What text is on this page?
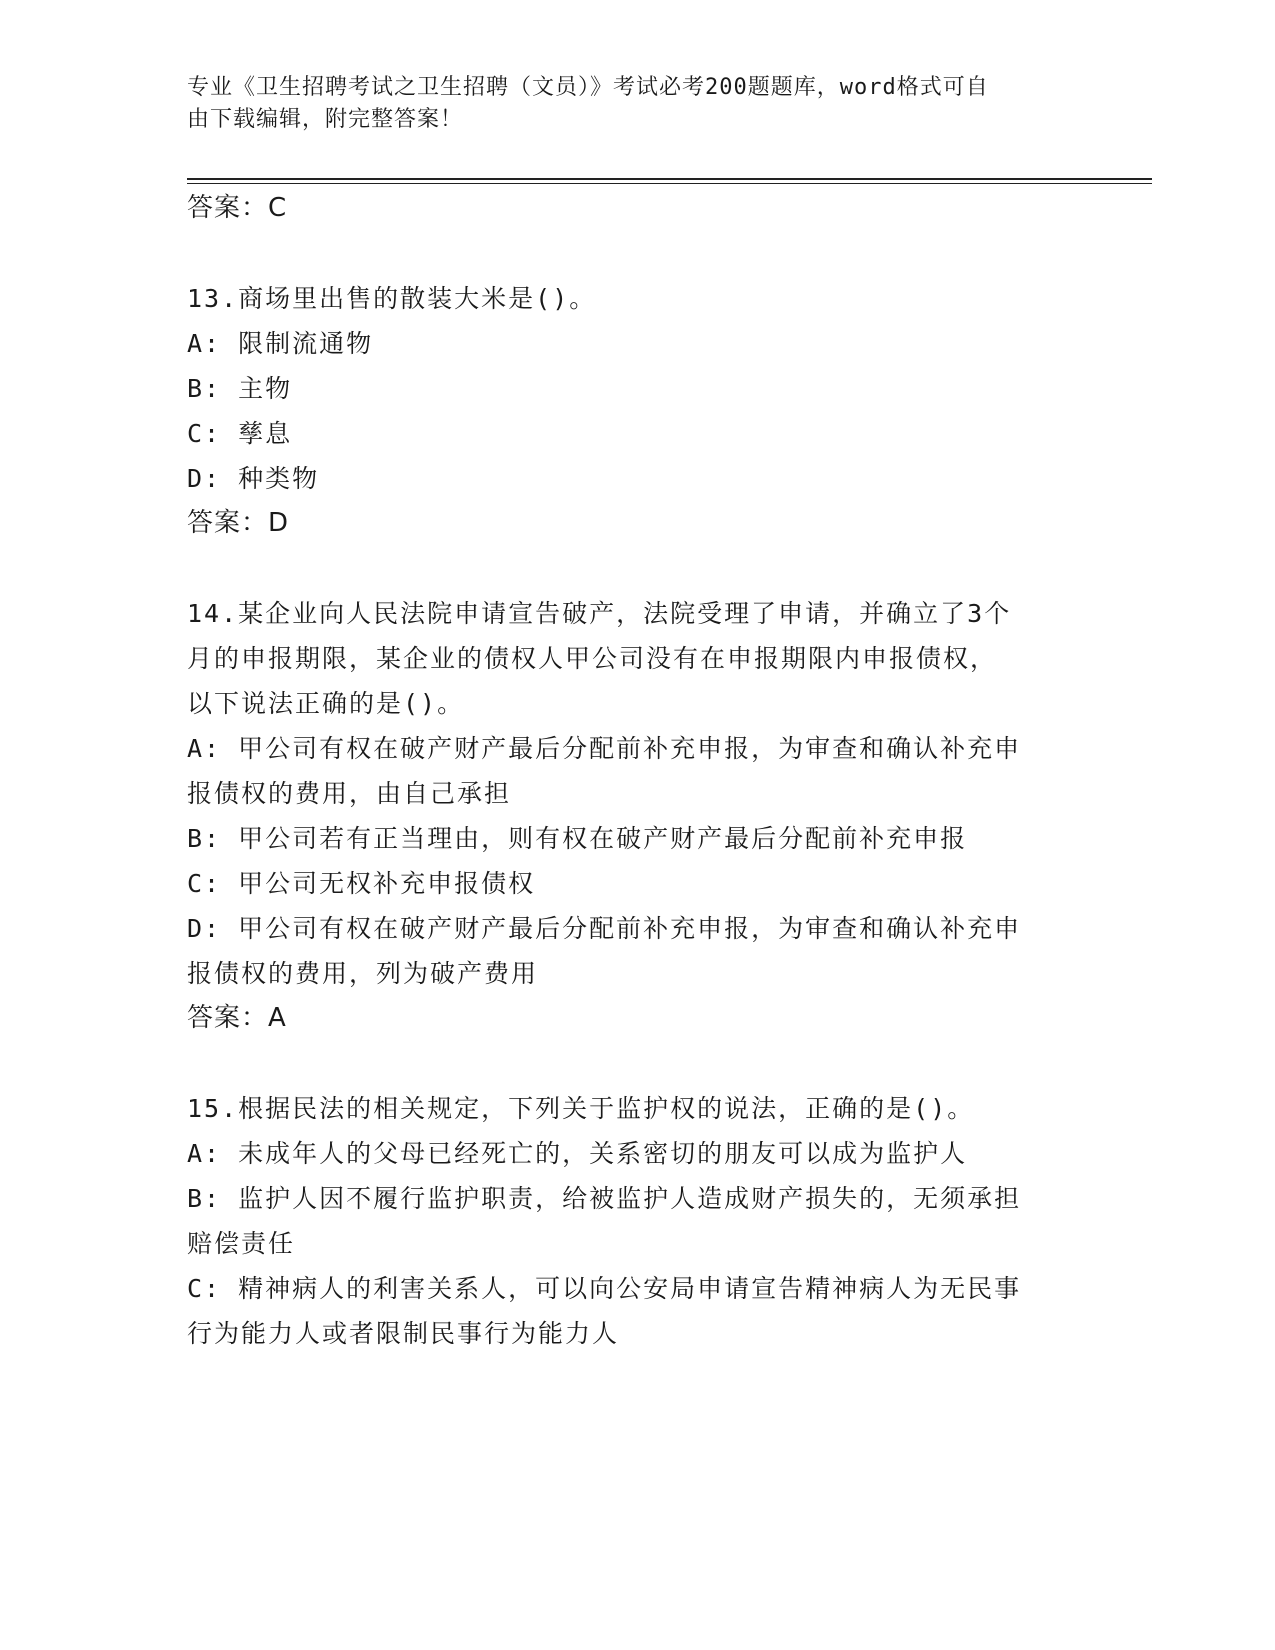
专业《卫生招聘考试之卫生招聘（文员）》考试必考200题题库，word格式可自
由下载编辑，附完整答案！
答案：C
13.商场里出售的散装大米是()。
A: 限制流通物
B: 主物
C: 孳息
D: 种类物
答案：D
14.某企业向人民法院申请宣告破产，法院受理了申请，并确立了3个
月的申报期限，某企业的债权人甲公司没有在申报期限内申报债权，
以下说法正确的是()。
A: 甲公司有权在破产财产最后分配前补充申报，为审查和确认补充申
报债权的费用，由自己承担
B: 甲公司若有正当理由，则有权在破产财产最后分配前补充申报
C: 甲公司无权补充申报债权
D: 甲公司有权在破产财产最后分配前补充申报，为审查和确认补充申
报债权的费用，列为破产费用
答案：A
15.根据民法的相关规定，下列关于监护权的说法，正确的是()。
A: 未成年人的父母已经死亡的，关系密切的朋友可以成为监护人
B: 监护人因不履行监护职责，给被监护人造成财产损失的，无须承担
赔偿责任
C: 精神病人的利害关系人，可以向公安局申请宣告精神病人为无民事
行为能力人或者限制民事行为能力人
